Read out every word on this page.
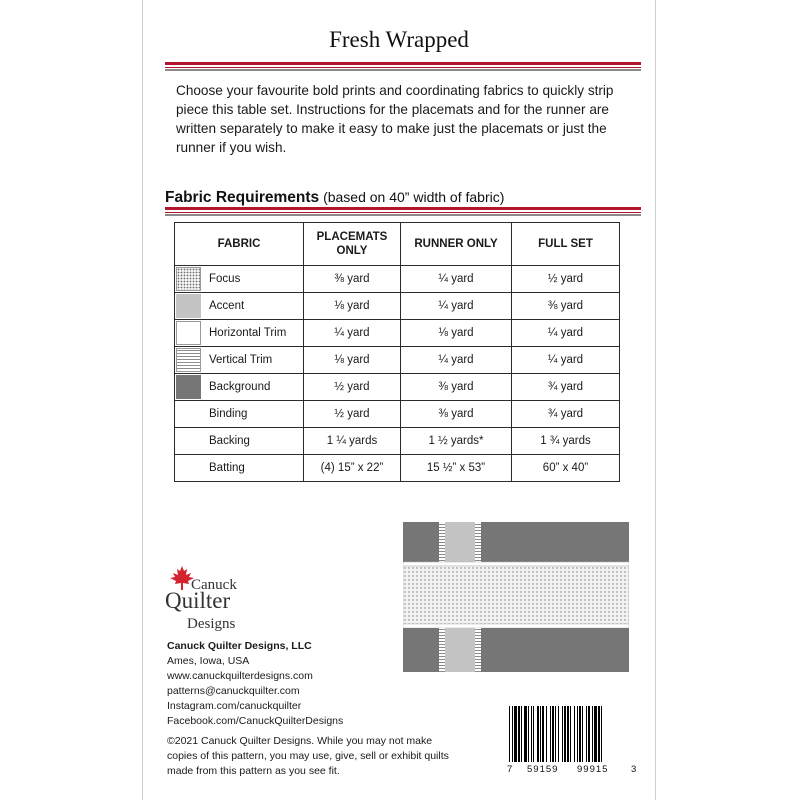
Fresh Wrapped
Choose your favourite bold prints and coordinating fabrics to quickly strip piece this table set. Instructions for the placemats and for the runner are written separately to make it easy to make just the placemats or just the runner if you wish.
Fabric Requirements (based on 40” width of fabric)
FABRIC	PLACEMATS ONLY	RUNNER ONLY	FULL SET

Focus	⅜ yard	¼ yard	½ yard

Accent	⅛ yard	¼ yard	⅜ yard

Horizontal Trim	¼ yard	⅛ yard	¼ yard

Vertical Trim	⅛ yard	¼ yard	¼ yard

Background	½ yard	⅜ yard	¾ yard
Binding	½ yard	⅜ yard	¾ yard
Backing	1 ¼ yards	1 ½ yards*	1 ¾ yards
Batting	(4) 15” x 22”	15 ½” x 53”	60” x 40”
Canuck
Quilter
Designs
Canuck Quilter Designs, LLC
Ames, Iowa, USA
www.canuckquilterdesigns.com
patterns@canuckquilter.com
Instagram.com/canuckquilter
Facebook.com/CanuckQuilterDesigns
©2021 Canuck Quilter Designs. While you may not make copies of this pattern, you may use, give, sell or exhibit quilts made from this pattern as you see fit.	7 59159 99915 3
